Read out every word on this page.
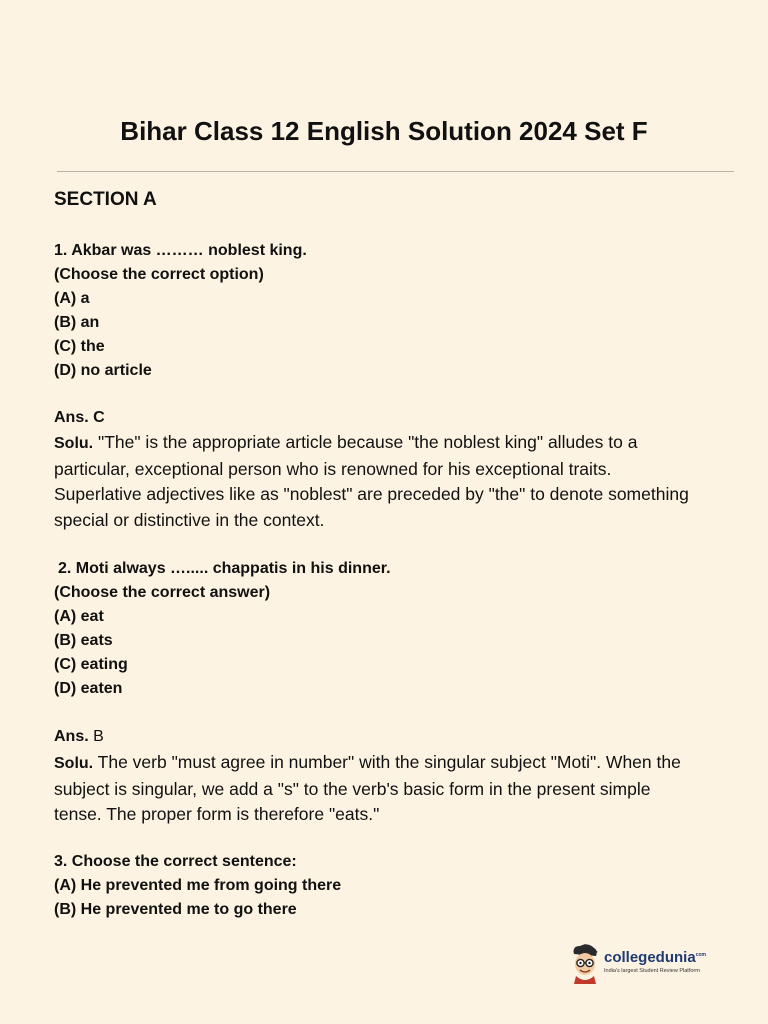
Bihar Class 12 English Solution 2024 Set F
SECTION A
1. Akbar was ……… noblest king.
(Choose the correct option)
(A) a
(B) an
(C) the
(D) no article
Ans. C
Solu. "The" is the appropriate article because "the noblest king" alludes to a
particular, exceptional person who is renowned for his exceptional traits.
Superlative adjectives like as "noblest" are preceded by "the" to denote something
special or distinctive in the context.
2. Moti always …..... chappatis in his dinner.
(Choose the correct answer)
(A) eat
(B) eats
(C) eating
(D) eaten
Ans. B
Solu. The verb "must agree in number" with the singular subject "Moti". When the
subject is singular, we add a "s" to the verb's basic form in the present simple
tense. The proper form is therefore "eats."
3. Choose the correct sentence:
(A) He prevented me from going there
(B) He prevented me to go there
collegedunia$^{com}$
India's largest Student Review Platform
